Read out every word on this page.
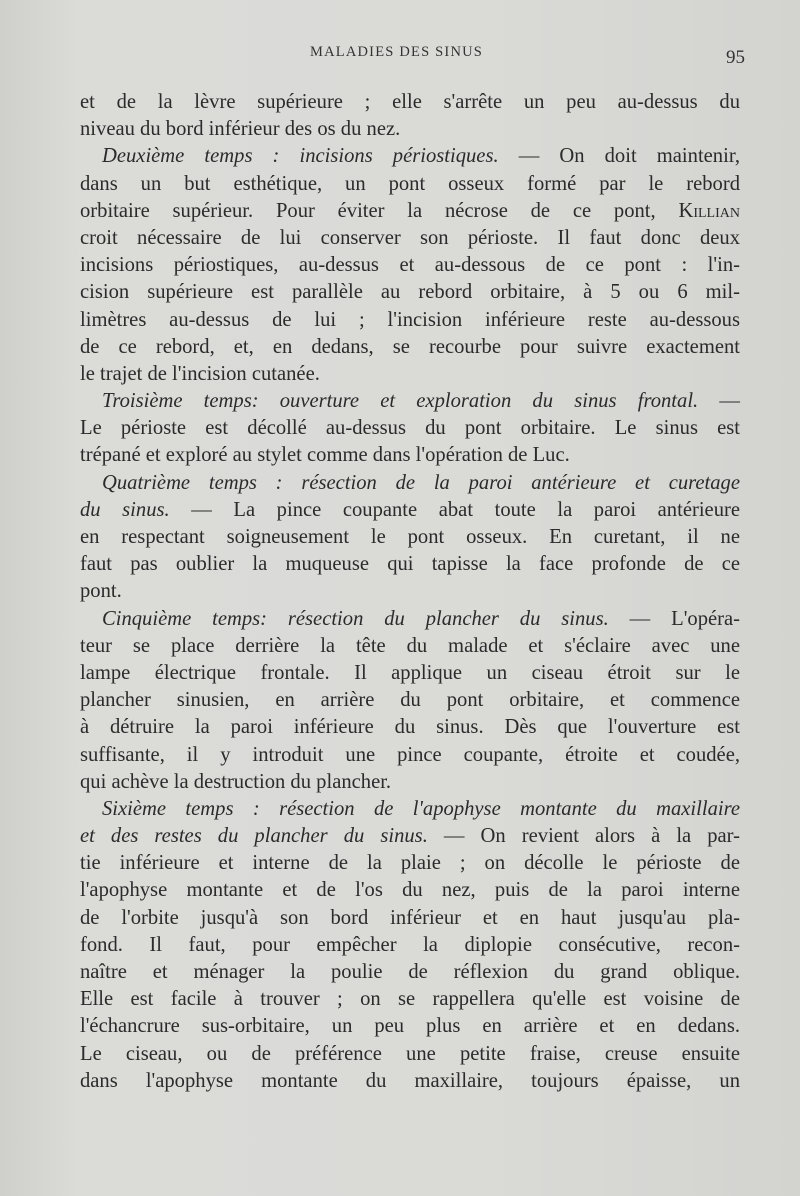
MALADIES DES SINUS	95
et de la lèvre supérieure ; elle s'arrête un peu au-dessus du
niveau du bord inférieur des os du nez.
Deuxième temps : incisions périostiques. — On doit maintenir,
dans un but esthétique, un pont osseux formé par le rebord
orbitaire supérieur. Pour éviter la nécrose de ce pont, Killian
croit nécessaire de lui conserver son périoste. Il faut donc deux
incisions périostiques, au-dessus et au-dessous de ce pont : l'in-
cision supérieure est parallèle au rebord orbitaire, à 5 ou 6 mil-
limètres au-dessus de lui ; l'incision inférieure reste au-dessous
de ce rebord, et, en dedans, se recourbe pour suivre exactement
le trajet de l'incision cutanée.
Troisième temps: ouverture et exploration du sinus frontal. —
Le périoste est décollé au-dessus du pont orbitaire. Le sinus est
trépané et exploré au stylet comme dans l'opération de Luc.
Quatrième temps : résection de la paroi antérieure et curetage
du sinus. — La pince coupante abat toute la paroi antérieure
en respectant soigneusement le pont osseux. En curetant, il ne
faut pas oublier la muqueuse qui tapisse la face profonde de ce
pont.
Cinquième temps: résection du plancher du sinus. — L'opéra-
teur se place derrière la tête du malade et s'éclaire avec une
lampe électrique frontale. Il applique un ciseau étroit sur le
plancher sinusien, en arrière du pont orbitaire, et commence
à détruire la paroi inférieure du sinus. Dès que l'ouverture est
suffisante, il y introduit une pince coupante, étroite et coudée,
qui achève la destruction du plancher.
Sixième temps : résection de l'apophyse montante du maxillaire
et des restes du plancher du sinus. — On revient alors à la par-
tie inférieure et interne de la plaie ; on décolle le périoste de
l'apophyse montante et de l'os du nez, puis de la paroi interne
de l'orbite jusqu'à son bord inférieur et en haut jusqu'au pla-
fond. Il faut, pour empêcher la diplopie consécutive, recon-
naître et ménager la poulie de réflexion du grand oblique.
Elle est facile à trouver ; on se rappellera qu'elle est voisine de
l'échancrure sus-orbitaire, un peu plus en arrière et en dedans.
Le ciseau, ou de préférence une petite fraise, creuse ensuite
dans l'apophyse montante du maxillaire, toujours épaisse, un
